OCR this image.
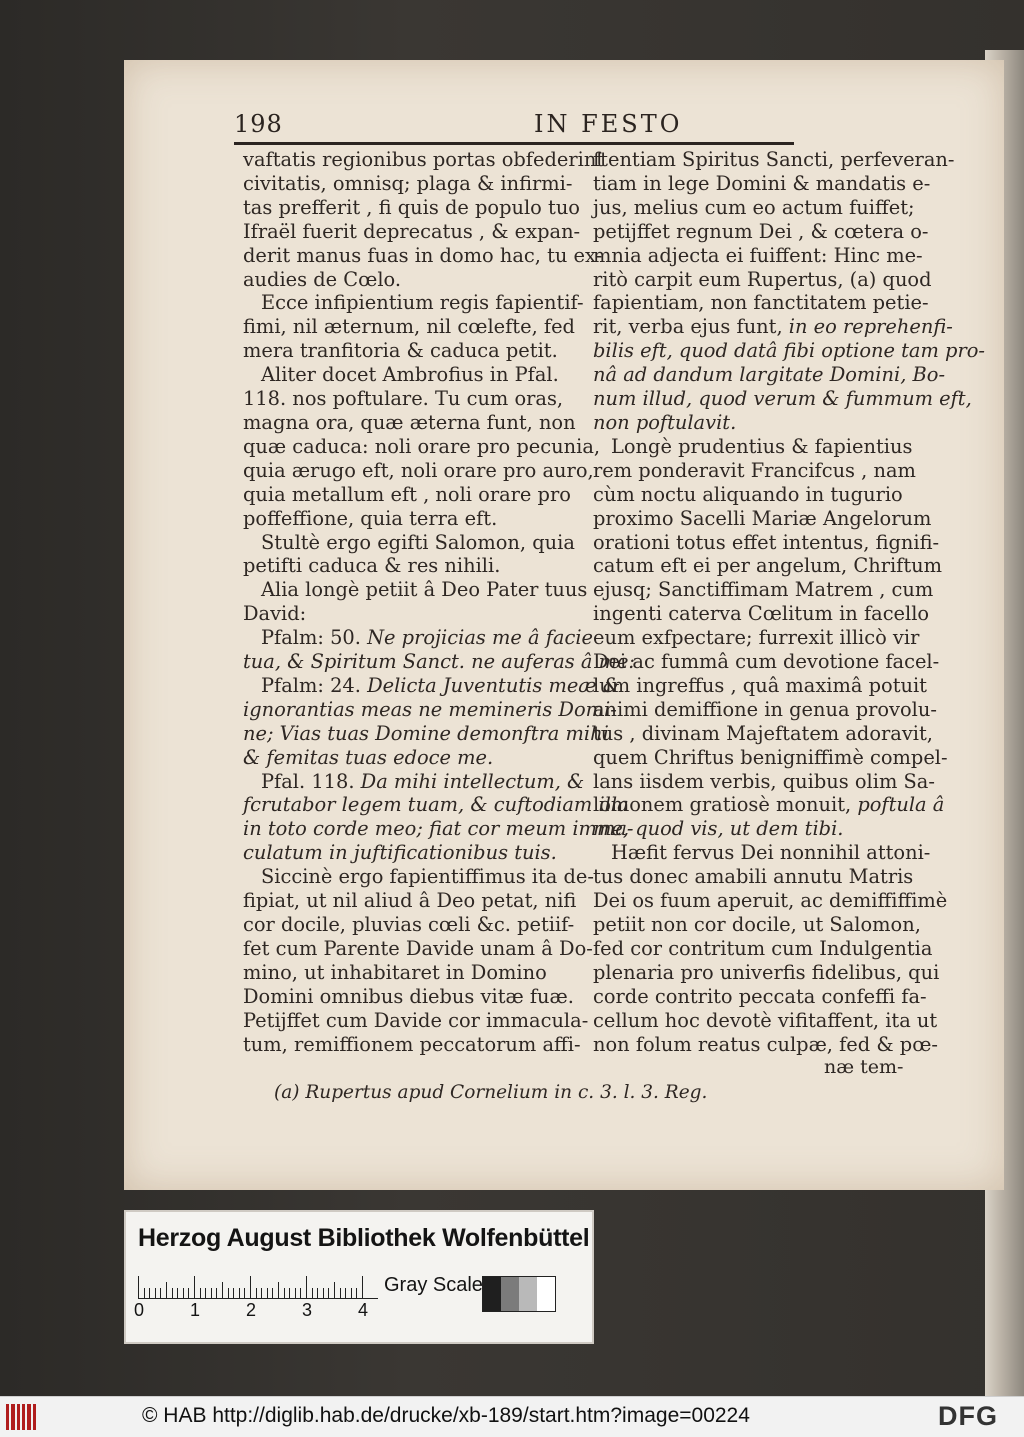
198	IN FESTO

vaftatis regionibus portas obfederint
civitatis, omnisq; plaga & infirmi-
tas prefferit , fi quis de populo tuo
Ifraël fuerit deprecatus , & expan-
derit manus fuas in domo hac, tu ex-
audies de Cœlo.

Ecce infipientium regis fapientif-
fimi, nil æternum, nil cœlefte, fed
mera tranfitoria & caduca petit.

Aliter docet Ambrofius in Pfal.
118. nos poftulare. Tu cum oras,
magna ora, quæ æterna funt, non
quæ caduca: noli orare pro pecunia,
quia ærugo eft, noli orare pro auro,
quia metallum eft , noli orare pro
poffeffione, quia terra eft.

Stultè ergo egifti Salomon, quia
petifti caduca & res nihili.

Alia longè petiit â Deo Pater tuus
David:

Pfalm: 50. Ne projicias me â facie
tua, & Spiritum Sanct. ne auferas â me:

Pfalm: 24. Delicta Juventutis meæ &
ignorantias meas ne memineris Domi-
ne; Vias tuas Domine demonftra mihi
& femitas tuas edoce me.

Pfal. 118. Da mihi intellectum, &
fcrutabor legem tuam, & cuftodiam illa
in toto corde meo; fiat cor meum imma-
culatum in juftificationibus tuis.

Siccinè ergo fapientiffimus ita de-
fipiat, ut nil aliud â Deo petat, nifi
cor docile, pluvias cœli &c. petiif-
fet cum Parente Davide unam â Do-
mino, ut inhabitaret in Domino
Domini omnibus diebus vitæ fuæ.
Petijffet cum Davide cor immacula-
tum, remiffionem peccatorum affi-

ftentiam Spiritus Sancti, perfeveran-
tiam in lege Domini & mandatis e-
jus, melius cum eo actum fuiffet;
petijffet regnum Dei , & cœtera o-
mnia adjecta ei fuiffent: Hinc me-
ritò carpit eum Rupertus, (a) quod
fapientiam, non fanctitatem petie-
rit, verba ejus funt, in eo reprehenfi-
bilis eft, quod datâ fibi optione tam pro-
nâ ad dandum largitate Domini, Bo-
num illud, quod verum & fummum eft,
non poftulavit.

Longè prudentius & fapientius
rem ponderavit Francifcus , nam
cùm noctu aliquando in tugurio
proximo Sacelli Mariæ Angelorum
orationi totus effet intentus, fignifi-
catum eft ei per angelum, Chriftum
ejusq; Sanctiffimam Matrem , cum
ingenti caterva Cœlitum in facello
eum exfpectare; furrexit illicò vir
Dei ac fummâ cum devotione facel-
lum ingreffus , quâ maximâ potuit
animi demiffione in genua provolu-
tus , divinam Majeftatem adoravit,
quem Chriftus benigniffimè compel-
lans iisdem verbis, quibus olim Sa-
lomonem gratiosè monuit, poftula â
me, quod vis, ut dem tibi.

Hæfit fervus Dei nonnihil attoni-
tus donec amabili annutu Matris
Dei os fuum aperuit, ac demiffiffimè
petiit non cor docile, ut Salomon,
fed cor contritum cum Indulgentia
plenaria pro univerfis fidelibus, qui
corde contrito peccata confeffi fa-
cellum hoc devotè vifitaffent, ita ut
non folum reatus culpæ, fed & pœ-

næ tem-
(a) Rupertus apud Cornelium in c. 3. l. 3. Reg.
Herzog August Bibliothek Wolfenbüttel
0	1	2	3	4
Gray Scale
© HAB http://diglib.hab.de/drucke/xb-189/start.htm?image=00224	DFG
